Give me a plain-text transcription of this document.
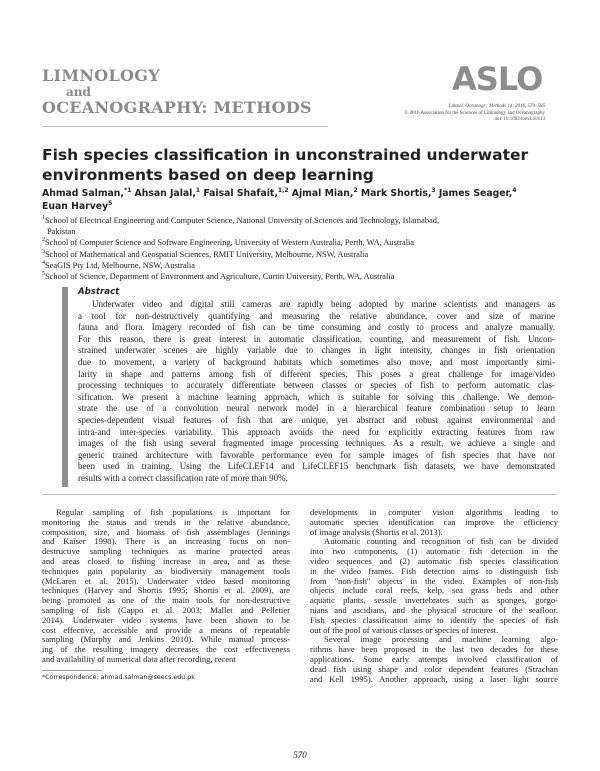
LIMNOLOGY
and
OCEANOGRAPHY: METHODS
ASLO
Limnol. Oceanogr.: Methods 14, 2016, 570–585
© 2016 Association for the Sciences of Limnology and Oceanography
doi: 10.1002/lom3.10113
Fish species classification in unconstrained underwater environments based on deep learning
Ahmad Salman,$^{*1}$ Ahsan Jalal,$^1$ Faisal Shafait,$^{1,2}$ Ajmal Mian,$^2$ Mark Shortis,$^3$ James Seager,$^4$
Euan Harvey$^5$
$^1$School of Electrical Engineering and Computer Science, National University of Sciences and Technology, Islamabad,
Pakistan
$^2$School of Computer Science and Software Engineering, University of Western Australia, Perth, WA, Australia
$^3$School of Mathematical and Geospatial Sciences, RMIT University, Melbourne, NSW, Australia
$^4$SeaGIS Pty Ltd, Melbourne, NSW, Australia
$^5$School of Science, Department of Environment and Agriculture, Curtin University, Perth, WA, Australia
Abstract
Underwater video and digital still cameras are rapidly being adopted by marine scientists and managers as
a tool for non-destructively quantifying and measuring the relative abundance, cover and size of marine
fauna and flora. Imagery recorded of fish can be time consuming and costly to process and analyze manually.
For this reason, there is great interest in automatic classification, counting, and measurement of fish. Uncon-
strained underwater scenes are highly variable due to changes in light intensity, changes in fish orientation
due to movement, a variety of background habitats which sometimes also move, and most importantly simi-
larity in shape and patterns among fish of different species. This poses a great challenge for image/video
processing techniques to accurately differentiate between classes or species of fish to perform automatic clas-
sification. We present a machine learning approach, which is suitable for solving this challenge. We demon-
strate the use of a convolution neural network model in a hierarchical feature combination setup to learn
species-dependent visual features of fish that are unique, yet abstract and robust against environmental and
intra-and inter-species variability. This approach avoids the need for explicitly extracting features from raw
images of the fish using several fragmented image processing techniques. As a result, we achieve a single and
generic trained architecture with favorable performance even for sample images of fish species that have not
been used in training. Using the LifeCLEF14 and LifeCLEF15 benchmark fish datasets, we have demonstrated
results with a correct classification rate of more than 90%.
Regular sampling of fish populations is important for
monitoring the status and trends in the relative abundance,
composition, size, and biomass of fish assemblages (Jennings
and Kaiser 1998). There is an increasing focus on non-
destructive sampling techniques as marine protected areas
and areas closed to fishing increase in area, and as these
techniques gain popularity as biodiversity management tools
(McLaren et al. 2015). Underwater video based monitoring
techniques (Harvey and Shortis 1995; Shortis et al. 2009), are
being promoted as one of the main tools for non-destructive
sampling of fish (Cappo et al. 2003; Mallet and Pelletier
2014). Underwater video systems have been shown to be
cost effective, accessible and provide a means of repeatable
sampling (Murphy and Jenkins 2010). While manual process-
ing of the resulting imagery decreases the cost effectiveness
and availability of numerical data after recording, recent
developments in computer vision algorithms leading to
automatic species identification can improve the efficiency
of image analysis (Shortis et al. 2013).
Automatic counting and recognition of fish can be divided
into two components, (1) automatic fish detection in the
video sequences and (2) automatic fish species classification
in the video frames. Fish detection aims to distinguish fish
from "non-fish" objects in the video. Examples of non-fish
objects include coral reefs, kelp, sea grass beds and other
aquatic plants, sessile invertebrates such as sponges, gorgo-
nians and ascidians, and the physical structure of the seafloor.
Fish species classification aims to identify the species of fish
out of the pool of various classes or species of interest.
Several image processing and machine learning algo-
rithms have been proposed in the last two decades for these
applications. Some early attempts involved classification of
dead fish using shape and color dependent features (Strachan
and Kell 1995). Another approach, using a laser light source
*Correspondence: ahmad.salman@seecs.edu.pk
570
